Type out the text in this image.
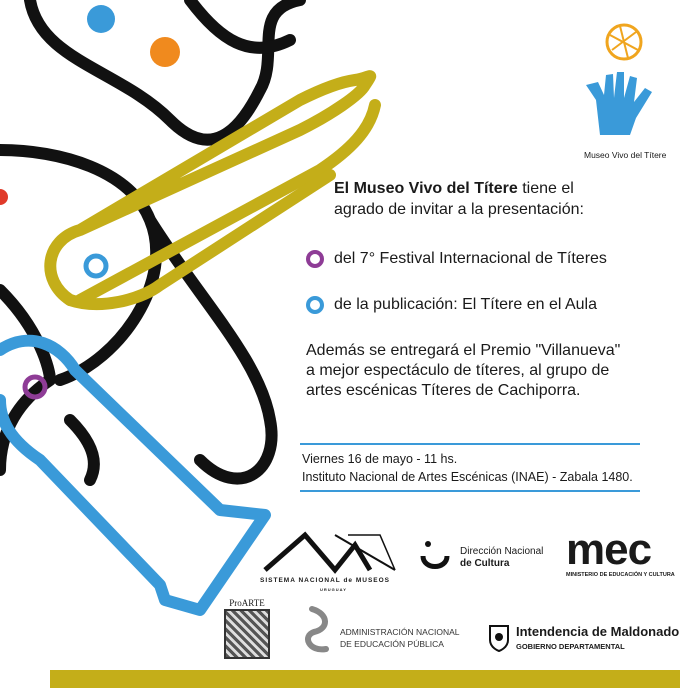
Museo Vivo del Títere
El Museo Vivo del Títere tiene el
agrado de invitar a la presentación:
del 7° Festival Internacional de Títeres
de la publicación: El Títere en el Aula
Además se entregará el Premio "Villanueva"
a mejor espectáculo de títeres, al grupo de
artes escénicas Títeres de Cachiporra.
Viernes 16 de mayo - 11 hs.
Instituto Nacional de Artes Escénicas (INAE) - Zabala 1480.
SISTEMA NACIONAL de MUSEOS
URUGUAY
Dirección Nacional
de Cultura	mec
MINISTERIO DE EDUCACIÓN Y CULTURA
ProARTE
ADMINISTRACIÓN NACIONAL
DE EDUCACIÓN PÚBLICA
Intendencia de Maldonado
GOBIERNO DEPARTAMENTAL
